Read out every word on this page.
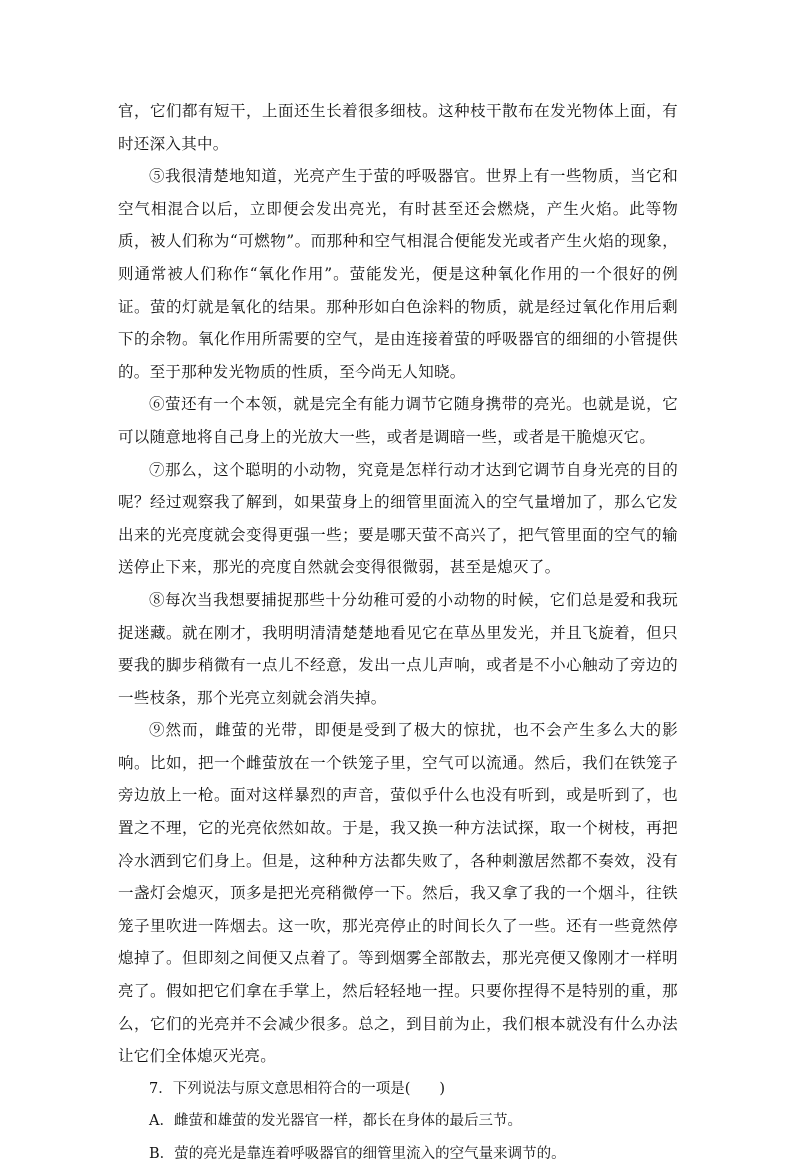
官，它们都有短干，上面还生长着很多细枝。这种枝干散布在发光物体上面，有时还深入其中。

⑤我很清楚地知道，光亮产生于萤的呼吸器官。世界上有一些物质，当它和空气相混合以后，立即便会发出亮光，有时甚至还会燃烧，产生火焰。此等物质，被人们称为“可燃物”。而那种和空气相混合便能发光或者产生火焰的现象，则通常被人们称作“氧化作用”。萤能发光，便是这种氧化作用的一个很好的例证。萤的灯就是氧化的结果。那种形如白色涂料的物质，就是经过氧化作用后剩下的余物。氧化作用所需要的空气，是由连接着萤的呼吸器官的细细的小管提供的。至于那种发光物质的性质，至今尚无人知晓。

⑥萤还有一个本领，就是完全有能力调节它随身携带的亮光。也就是说，它可以随意地将自己身上的光放大一些，或者是调暗一些，或者是干脆熄灭它。

⑦那么，这个聪明的小动物，究竟是怎样行动才达到它调节自身光亮的目的呢？经过观察我了解到，如果萤身上的细管里面流入的空气量增加了，那么它发出来的光亮度就会变得更强一些；要是哪天萤不高兴了，把气管里面的空气的输送停止下来，那光的亮度自然就会变得很微弱，甚至是熄灭了。

⑧每次当我想要捕捉那些十分幼稚可爱的小动物的时候，它们总是爱和我玩捉迷藏。就在刚才，我明明清清楚楚地看见它在草丛里发光，并且飞旋着，但只要我的脚步稍微有一点儿不经意，发出一点儿声响，或者是不小心触动了旁边的一些枝条，那个光亮立刻就会消失掉。

⑨然而，雌萤的光带，即便是受到了极大的惊扰，也不会产生多么大的影响。比如，把一个雌萤放在一个铁笼子里，空气可以流通。然后，我们在铁笼子旁边放上一枪。面对这样暴烈的声音，萤似乎什么也没有听到，或是听到了，也置之不理，它的光亮依然如故。于是，我又换一种方法试探，取一个树枝，再把冷水洒到它们身上。但是，这种种方法都失败了，各种刺激居然都不奏效，没有一盏灯会熄灭，顶多是把光亮稍微停一下。然后，我又拿了我的一个烟斗，往铁笼子里吹进一阵烟去。这一吹，那光亮停止的时间长久了一些。还有一些竟然停熄掉了。但即刻之间便又点着了。等到烟雾全部散去，那光亮便又像刚才一样明亮了。假如把它们拿在手掌上，然后轻轻地一捏。只要你捏得不是特别的重，那么，它们的光亮并不会减少很多。总之，到目前为止，我们根本就没有什么办法让它们全体熄灭光亮。

7．下列说法与原文意思相符合的一项是(　　)

A．雌萤和雄萤的发光器官一样，都长在身体的最后三节。

B．萤的亮光是靠连着呼吸器官的细管里流入的空气量来调节的。
